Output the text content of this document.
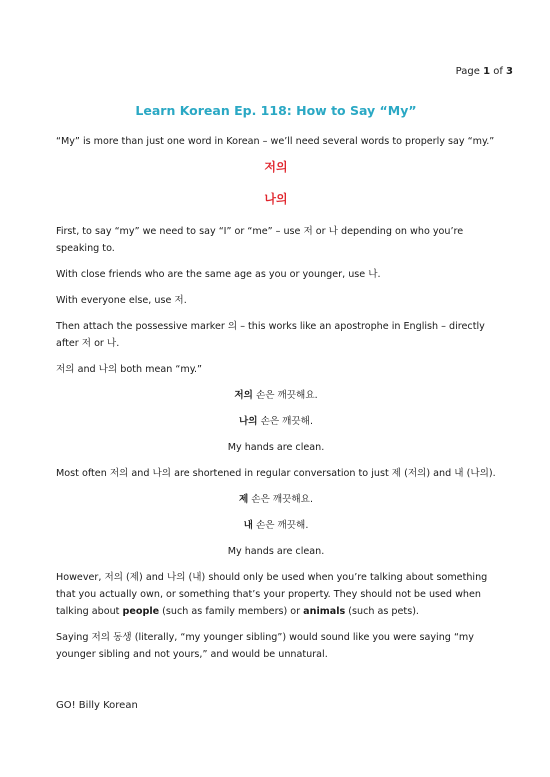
Page 1 of 3
Learn Korean Ep. 118: How to Say “My”

“My” is more than just one word in Korean – we’ll need several words to properly say “my.”

저의
나의

First, to say “my” we need to say “I” or “me” – use 저 or 나 depending on who you’re speaking to.

With close friends who are the same age as you or younger, use 나.

With everyone else, use 저.

Then attach the possessive marker 의 – this works like an apostrophe in English – directly after 저 or 나.

저의 and 나의 both mean “my.”

저의 손은 깨끗해요.

나의 손은 깨끗해.

My hands are clean.

Most often 저의 and 나의 are shortened in regular conversation to just 제 (저의) and 내 (나의).

제 손은 깨끗해요.

내 손은 깨끗해.

My hands are clean.

However, 저의 (제) and 나의 (내) should only be used when you’re talking about something that you actually own, or something that’s your property. They should not be used when talking about people (such as family members) or animals (such as pets).

Saying 저의 동생 (literally, “my younger sibling”) would sound like you were saying “my younger sibling and not yours,” and would be unnatural.

GO! Billy Korean
